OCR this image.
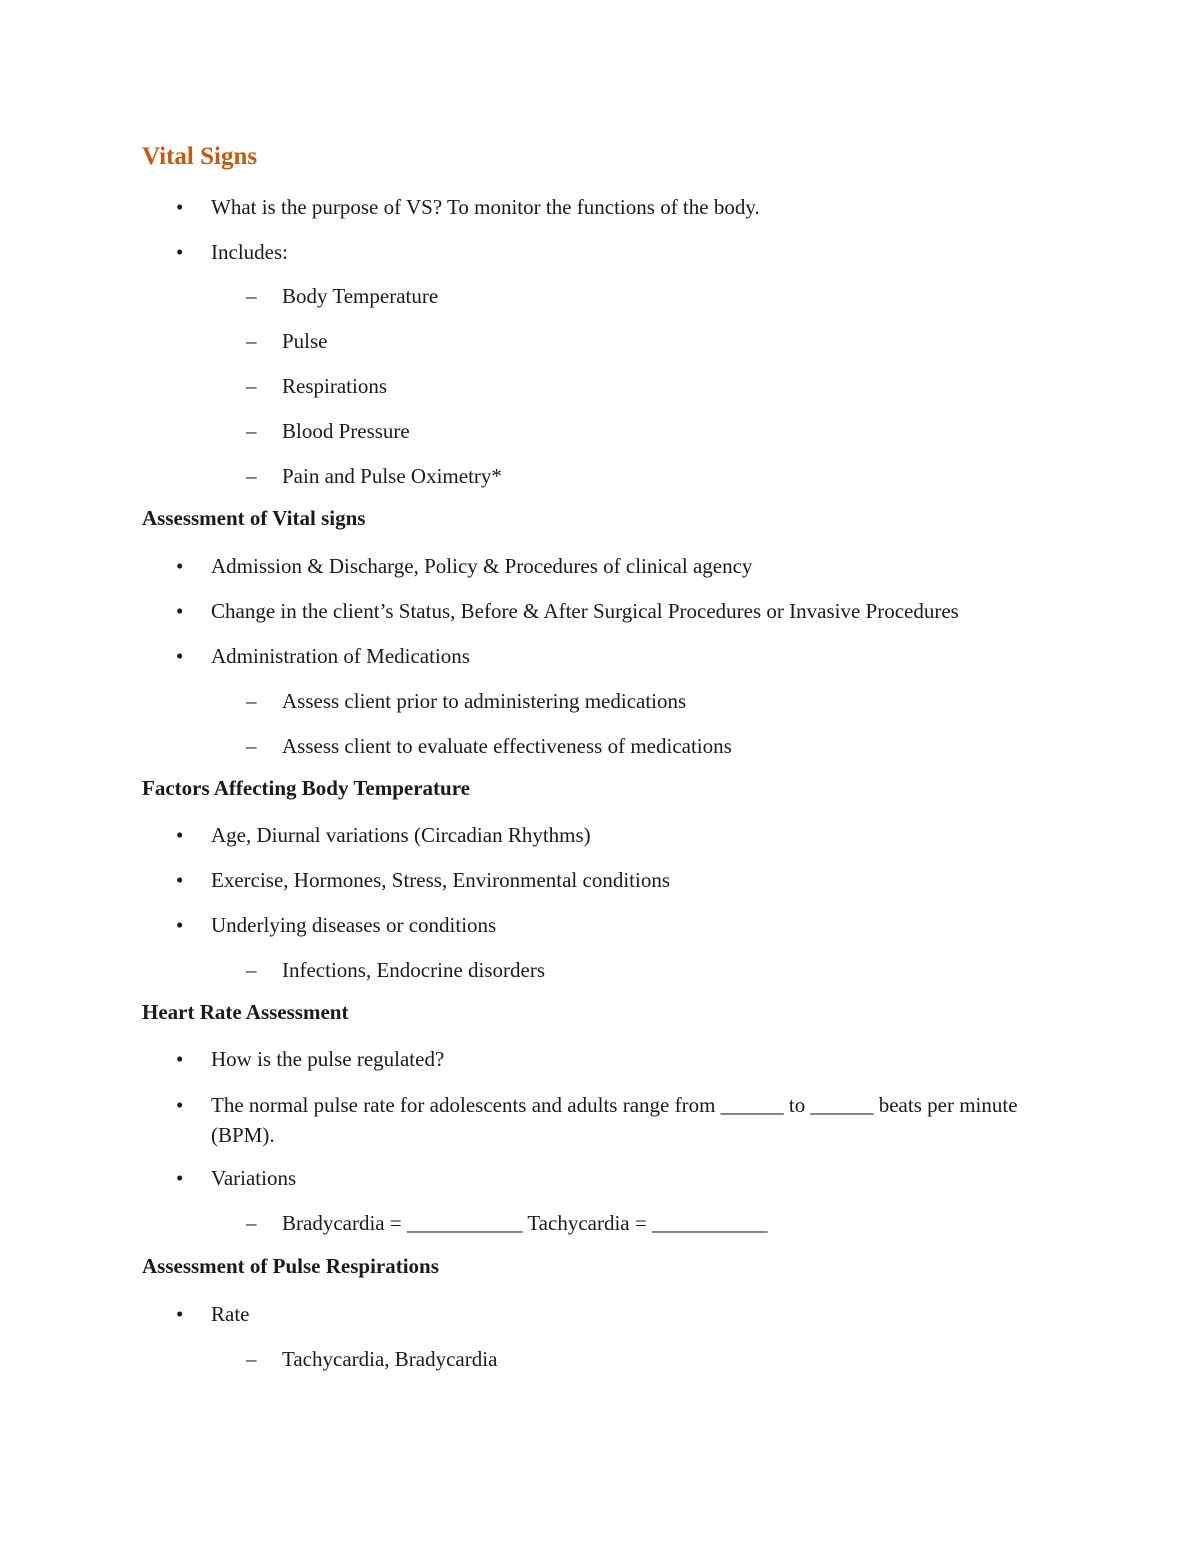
Vital Signs
•	What is the purpose of VS? To monitor the functions of the body.
•	Includes:
– Body Temperature
– Pulse
– Respirations
– Blood Pressure
– Pain and Pulse Oximetry*
Assessment of Vital signs
•	Admission & Discharge, Policy & Procedures of clinical agency
•	Change in the client’s Status, Before & After Surgical Procedures or Invasive Procedures
•	Administration of Medications
– Assess client prior to administering medications
– Assess client to evaluate effectiveness of medications
Factors Affecting Body Temperature
•	Age, Diurnal variations (Circadian Rhythms)
•	Exercise, Hormones, Stress, Environmental conditions
•	Underlying diseases or conditions
– Infections, Endocrine disorders
Heart Rate Assessment
•	How is the pulse regulated?
•	The normal pulse rate for adolescents and adults range from ______ to ______ beats per minute (BPM).
•	Variations
– Bradycardia = ___________ Tachycardia = ___________
Assessment of Pulse Respirations
•	Rate
– Tachycardia, Bradycardia
